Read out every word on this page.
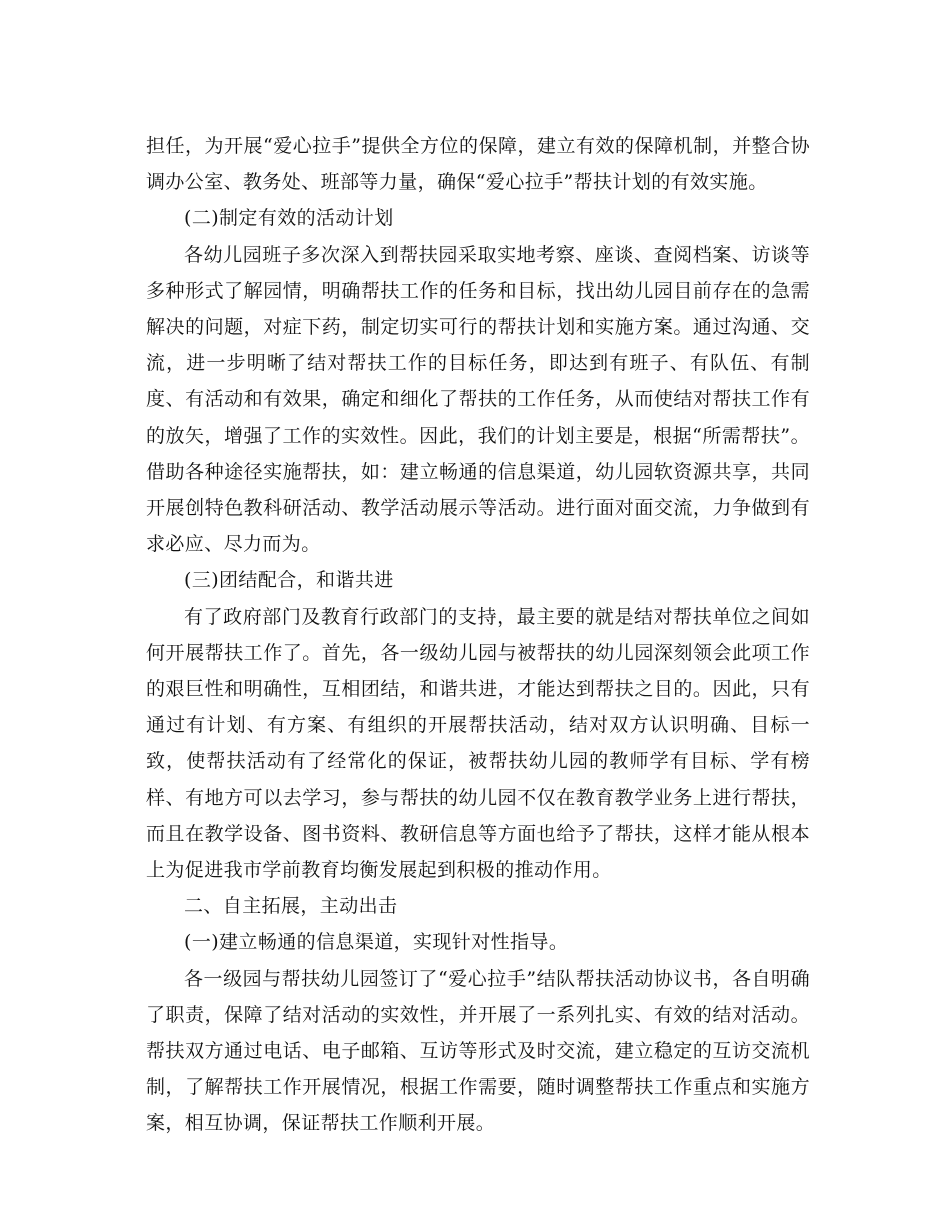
担任，为开展“爱心拉手”提供全方位的保障，建立有效的保障机制，并整合协调办公室、教务处、班部等力量，确保“爱心拉手”帮扶计划的有效实施。

(二)制定有效的活动计划

各幼儿园班子多次深入到帮扶园采取实地考察、座谈、查阅档案、访谈等多种形式了解园情，明确帮扶工作的任务和目标，找出幼儿园目前存在的急需解决的问题，对症下药，制定切实可行的帮扶计划和实施方案。通过沟通、交流，进一步明晰了结对帮扶工作的目标任务，即达到有班子、有队伍、有制度、有活动和有效果，确定和细化了帮扶的工作任务，从而使结对帮扶工作有的放矢，增强了工作的实效性。因此，我们的计划主要是，根据“所需帮扶”。借助各种途径实施帮扶，如：建立畅通的信息渠道，幼儿园软资源共享，共同开展创特色教科研活动、教学活动展示等活动。进行面对面交流，力争做到有求必应、尽力而为。

(三)团结配合，和谐共进

有了政府部门及教育行政部门的支持，最主要的就是结对帮扶单位之间如何开展帮扶工作了。首先，各一级幼儿园与被帮扶的幼儿园深刻领会此项工作的艰巨性和明确性，互相团结，和谐共进，才能达到帮扶之目的。因此，只有通过有计划、有方案、有组织的开展帮扶活动，结对双方认识明确、目标一致，使帮扶活动有了经常化的保证，被帮扶幼儿园的教师学有目标、学有榜样、有地方可以去学习，参与帮扶的幼儿园不仅在教育教学业务上进行帮扶，而且在教学设备、图书资料、教研信息等方面也给予了帮扶，这样才能从根本上为促进我市学前教育均衡发展起到积极的推动作用。

二、自主拓展，主动出击

(一)建立畅通的信息渠道，实现针对性指导。

各一级园与帮扶幼儿园签订了“爱心拉手”结队帮扶活动协议书，各自明确了职责，保障了结对活动的实效性，并开展了一系列扎实、有效的结对活动。帮扶双方通过电话、电子邮箱、互访等形式及时交流，建立稳定的互访交流机制，了解帮扶工作开展情况，根据工作需要，随时调整帮扶工作重点和实施方案，相互协调，保证帮扶工作顺利开展。
